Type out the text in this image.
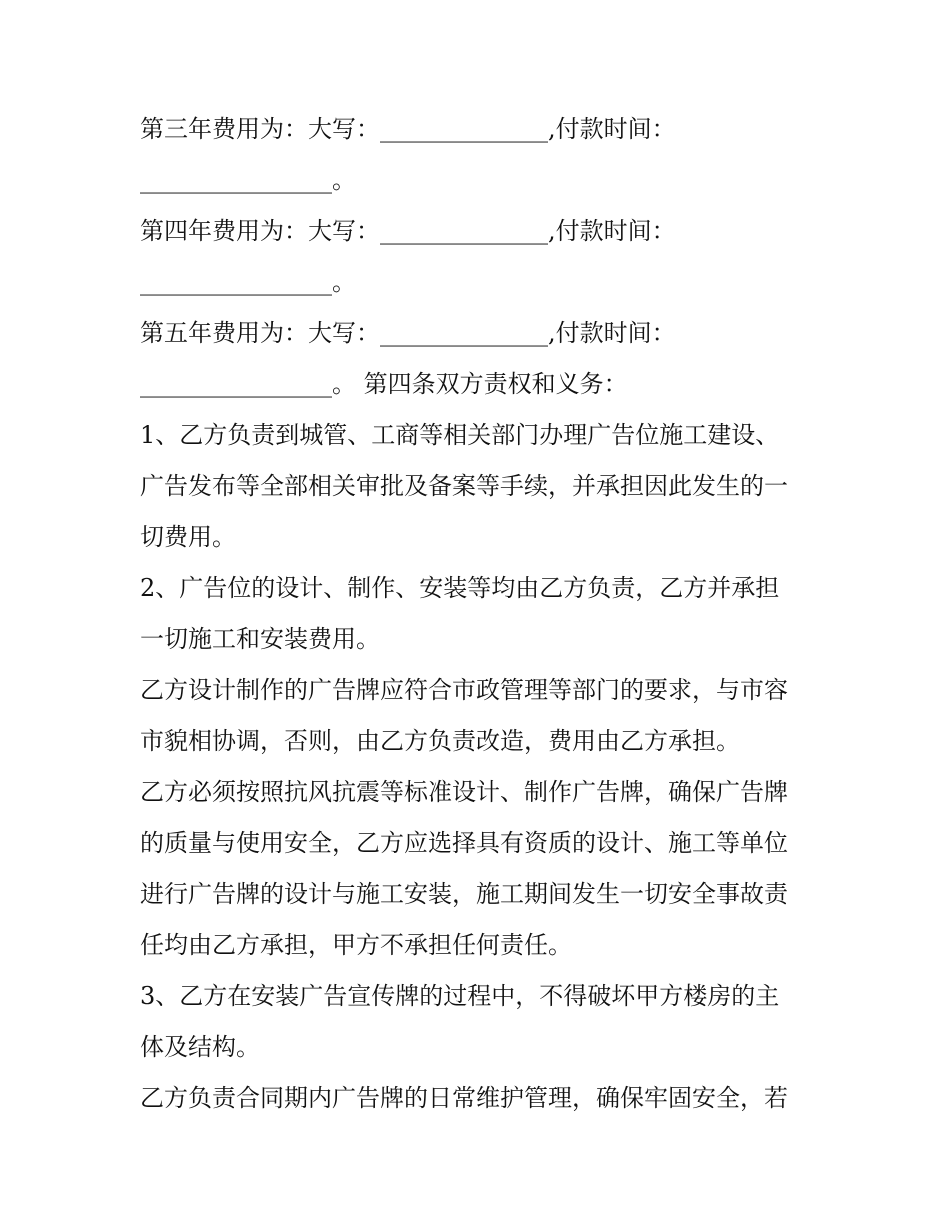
第三年费用为：大写：______________,付款时间：
________________。
第四年费用为：大写：______________,付款时间：
________________。
第五年费用为：大写：______________,付款时间：
________________。 第四条双方责权和义务：
1、乙方负责到城管、工商等相关部门办理广告位施工建设、
广告发布等全部相关审批及备案等手续，并承担因此发生的一
切费用。
2、广告位的设计、制作、安装等均由乙方负责，乙方并承担
一切施工和安装费用。
乙方设计制作的广告牌应符合市政管理等部门的要求，与市容
市貌相协调，否则，由乙方负责改造，费用由乙方承担。
乙方必须按照抗风抗震等标准设计、制作广告牌，确保广告牌
的质量与使用安全，乙方应选择具有资质的设计、施工等单位
进行广告牌的设计与施工安装，施工期间发生一切安全事故责
任均由乙方承担，甲方不承担任何责任。
3、乙方在安装广告宣传牌的过程中，不得破坏甲方楼房的主
体及结构。
乙方负责合同期内广告牌的日常维护管理，确保牢固安全，若
